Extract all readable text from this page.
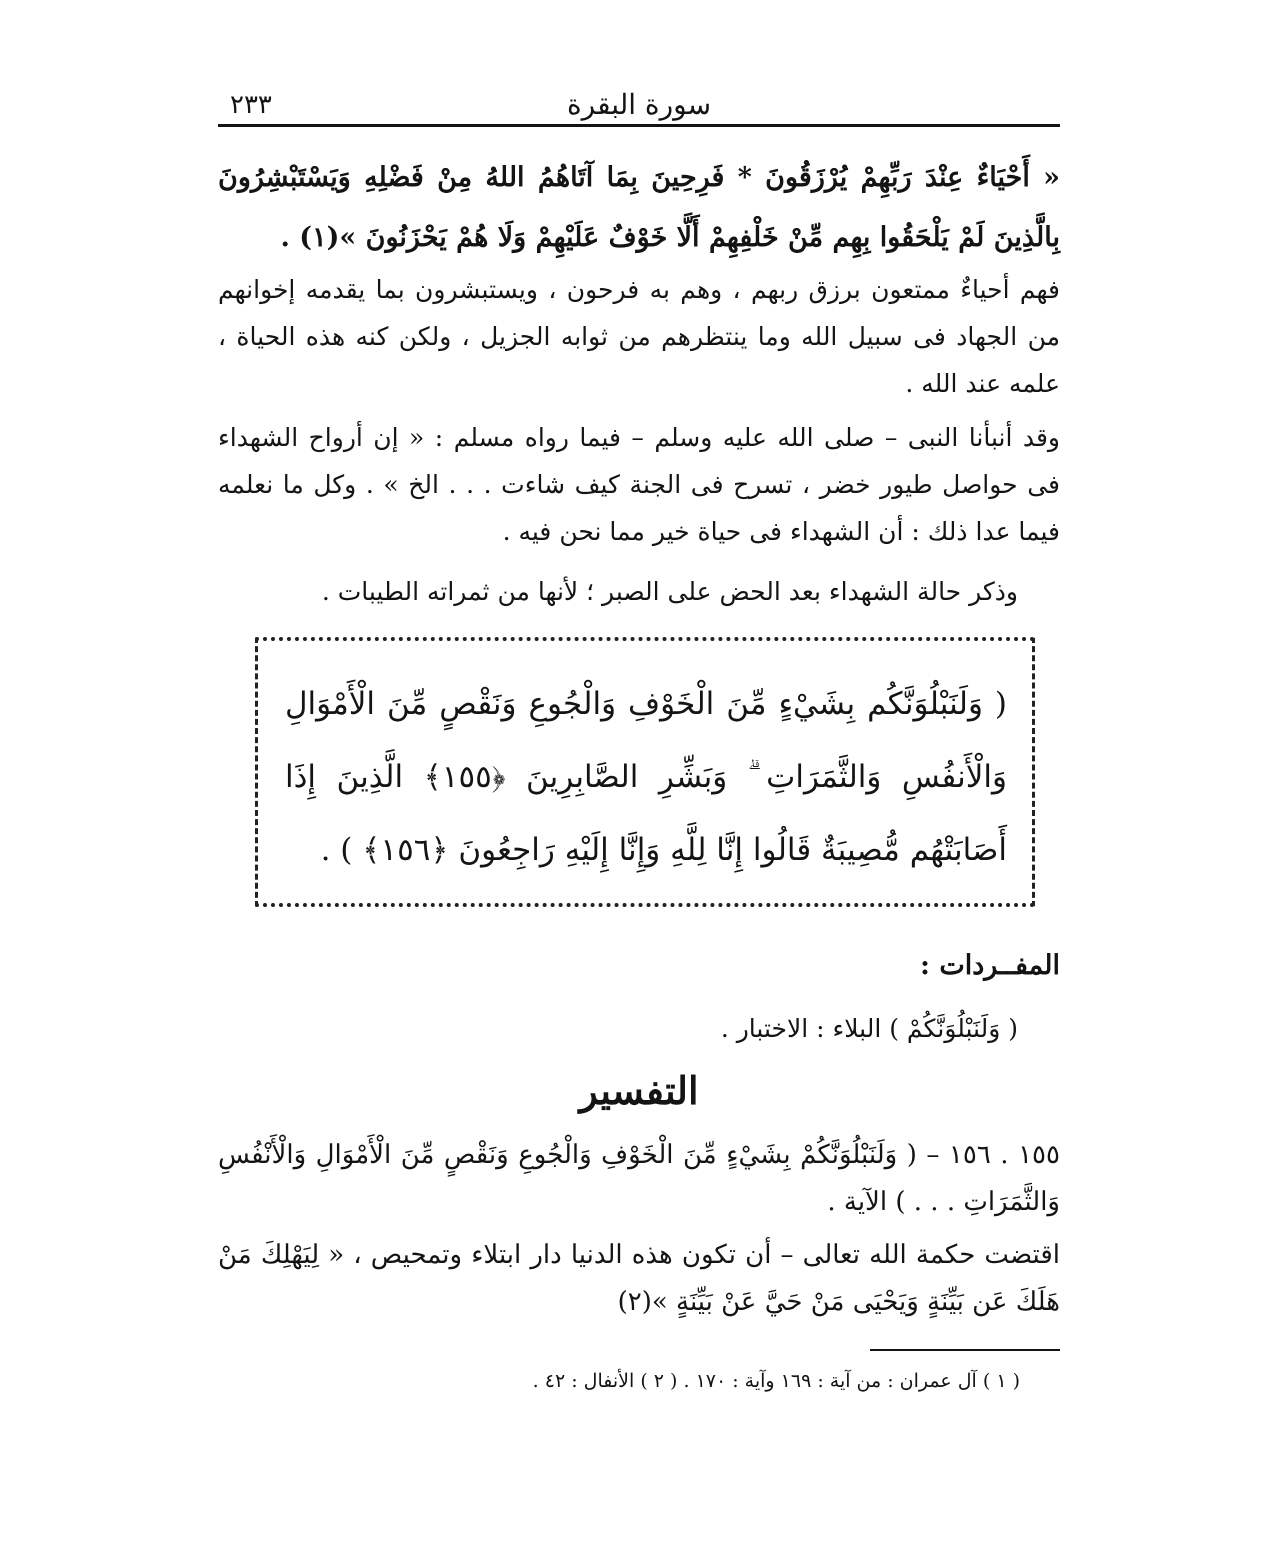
سورة البقرة
٢٣٣

« أَحْيَاءٌ عِنْدَ رَبِّهِمْ يُرْزَقُونَ * فَرِحِينَ بِمَا آتَاهُمُ اللهُ مِنْ فَضْلِهِ وَيَسْتَبْشِرُونَ بِالَّذِينَ لَمْ يَلْحَقُوا بِهِم مِّنْ خَلْفِهِمْ أَلَّا خَوْفٌ عَلَيْهِمْ وَلَا هُمْ يَحْزَنُونَ »(١) .

فهم أحياءٌ ممتعون برزق ربهم ، وهم به فرحون ، ويستبشرون بما يقدمه إخوانهم من الجهاد فى سبيل الله وما ينتظرهم من ثوابه الجزيل ، ولكن كنه هذه الحياة ، علمه عند الله .

وقد أنبأنا النبى – صلى الله عليه وسلم – فيما رواه مسلم : « إن أرواح الشهداء فى حواصل طيور خضر ، تسرح فى الجنة كيف شاءت . . . الخ » . وكل ما نعلمه فيما عدا ذلك : أن الشهداء فى حياة خير مما نحن فيه .

وذكر حالة الشهداء بعد الحض على الصبر ؛ لأنها من ثمراته الطيبات .

( وَلَنَبْلُوَنَّكُم بِشَيْءٍ مِّنَ الْخَوْفِ وَالْجُوعِ وَنَقْصٍ مِّنَ الْأَمْوَالِ وَالْأَنفُسِ وَالثَّمَرَاتِ ۗ وَبَشِّرِ الصَّابِرِينَ ﴿١٥٥﴾ الَّذِينَ إِذَا أَصَابَتْهُم مُّصِيبَةٌ قَالُوا إِنَّا لِلَّهِ وَإِنَّا إِلَيْهِ رَاجِعُونَ ﴿١٥٦﴾ ) .

المفــردات :

( وَلَنَبْلُوَنَّكُمْ ) البلاء : الاختبار .

التفسير

١٥٥ . ١٥٦ – ( وَلَنَبْلُوَنَّكُمْ بِشَيْءٍ مِّنَ الْخَوْفِ وَالْجُوعِ وَنَقْصٍ مِّنَ الْأَمْوَالِ وَالْأَنْفُسِ وَالثَّمَرَاتِ . . . ) الآية .

اقتضت حكمة الله تعالى – أن تكون هذه الدنيا دار ابتلاء وتمحيص ، « لِيَهْلِكَ مَنْ هَلَكَ عَن بَيِّنَةٍ وَيَحْيَى مَنْ حَيَّ عَنْ بَيِّنَةٍ »(٢)

( ١ ) آل عمران : من آية : ١٦٩ وآية : ١٧٠ . ( ٢ ) الأنفال : ٤٢ .
